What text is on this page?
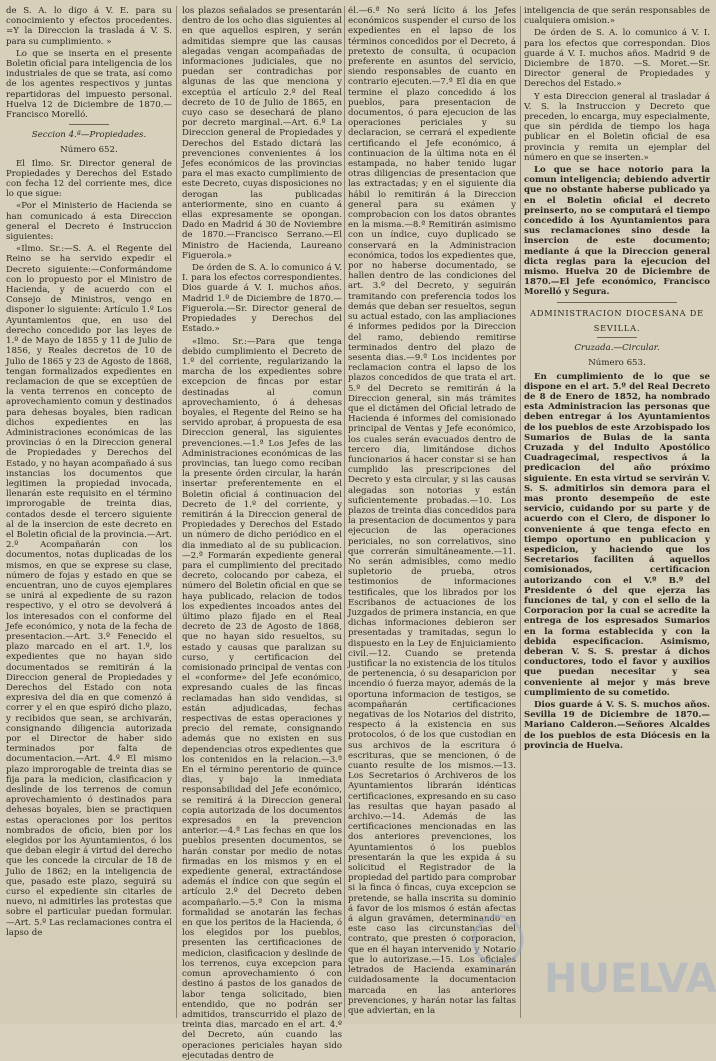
de S. A. lo digo á V. E. para su conocimiento y efectos procedentes. =Y la Direccion la traslada á V. S. para su cumplimiento. »

Lo que se inserta en el presente Boletin oficial para inteligencia de los industriales de que se trata, así como de los agentes respectivos y juntas repartidoras del impuesto personal. Huelva 12 de Diciembre de 1870.—Francisco Morelló.

Seccion 4.ª—Propiedades.

Número 652.

El Ilmo. Sr. Director general de Propiedades y Derechos del Estado con fecha 12 del corriente mes, dice lo que sigue:

«Por el Ministerio de Hacienda se han comunicado á esta Direccion general el Decreto é Instruccion siguientes:

«Ilmo. Sr.:—S. A. el Regente del Reino se ha servido expedir el Decreto siguiente:—Conformándome con lo propuesto por el Ministro de Hacienda, y de acuerdo con el Consejo de Ministros, vengo en disponer lo siguiente: Artículo 1.º Los Ayuntamientos que, en uso del derecho concedido por las leyes de 1.º de Mayo de 1855 y 11 de Julio de 1856, y Reales decretos de 10 de Julio de 1865 y 23 de Agosto de 1868, tengan formalizados expedientes en reclamacion de que se exceptúen de la venta terrenos en concepto de aprovechamiento comun y destinados para dehesas boyales, bien radican dichos expedientes en las Administraciones económicas de las provincias ó en la Direccion general de Propiedades y Derechos del Estado, y no hayan acompañado á sus instancias los documentos que legitimen la propiedad invocada, llenarán este requisito en el término improrogable de treinta dias, contados desde el tercero siguiente al de la insercion de este decreto en el Boletin oficial de la provincia.—Art. 2.º Acompañarán con los documentos, notas duplicadas de los mismos, en que se exprese su clase, número de fojas y estado en que se encuentran, uno de cuyos ejemplares se unirá al expediente de su razon respectivo, y el otro se devolverá á los interesados con el conforme del Jefe económico, y nota de la fecha de presentacion.—Art. 3.º Fenecido el plazo marcado en el art. 1.º, los expedientes que no hayan sido documentados se remitirán á la Direccion general de Propiedades y Derechos del Estado con nota expresiva del dia en que comenzó á correr y el en que espiró dicho plazo, y recibidos que sean, se archivarán, consignando diligencia autorizada por el Director de haber sido terminados por falta de documentacion.—Art. 4.º El mismo plazo improrogable de treinta dias se fija para la medicion, clasificacion y deslinde de los terrenos de comun aprovechamiento ó destinados para dehesas boyales, bien se practiquen estas operaciones por los peritos nombrados de oficio, bien por los elegidos por los Ayuntamientos, ó los que deban elegir á virtud del derecho que les concede la circular de 18 de Julio de 1862; en la inteligencia de que, pasado este plazo, seguirá su curso el expediente sin citarles de nuevo, ni admitirles las protestas que sobre el particular puedan formular.—Art. 5.º Las reclamaciones contra el lapso de

los plazos señalados se presentarán dentro de los ocho dias siguientes al en que aquellos espiren, y serán admitidas siempre que las causas alegadas vengan acompañadas de informaciones judiciales, que no puedan ser contradichas por algunas de las que menciona y exceptúa el artículo 2.º del Real decreto de 10 de Julio de 1865, en cuyo caso se desechará de plano por decreto marginal.—Art. 6.º La Direccion general de Propiedades y Derechos del Estado dictará las prevenciones convenientes á los Jefes económicos de las provincias para el mas exacto cumplimiento de este Decreto, cuyas disposiciones no derogan las publicadas anteriormente, sino en cuanto á ellas expresamente se opongan. Dado en Madrid á 30 de Noviembre de 1870.—Francisco Serrano.—El Ministro de Hacienda, Laureano Figuerola.»

De órden de S. A. lo comunico á V. I. para los efectos correspondientes. Dios guarde á V. I. muchos años. Madrid 1.º de Diciembre de 1870.—Figuerola.—Sr. Director general de Propiedades y Derechos del Estado.»

«Ilmo. Sr.:—Para que tenga debido cumplimiento el Decreto de 1.º del corriente, regularizando la marcha de los expedientes sobre excepcion de fincas por estar destinadas al comun aprovechamiento, ó á dehesas boyales, el Regente del Reino se ha servido aprobar, á propuesta de esa Direccion general, las siguientes prevenciones.—1.ª Los Jefes de las Administraciones económicas de las provincias, tan luego como reciban la presente órden circular, la harán insertar preferentemente en el Boletin oficial á continuacion del Decreto de 1.º del corriente, y remitirán á la Direccion general de Propiedades y Derechos del Estado un número de dicho periódico en el dia inmediato al de su publicacion.—2.ª Formarán expediente general para el cumplimiento del precitado decreto, colocando por cabeza, el número del Boletin oficial en que se haya publicado, relacion de todos los expedientes incoados antes del último plazo fijado en el Real decreto de 23 de Agosto de 1868, que no hayan sido resueltos, su estado y causas que paralizan su curso, y certificacion del comisionado principal de ventas con el «conforme» del Jefe económico, expresando cuales de las fincas reclamadas han sido vendidas, si están adjudicadas, fechas respectivas de estas operaciones y precio del remate, consignando además que no existen en sus dependencias otros expedientes que los contenidos en la relacion.—3.ª En el término perentorio de quince dias, y bajo la inmediata responsabilidad del Jefe económico, se remitirá á la Direccion general copia autorizada de los documentos expresados en la prevencion anterior.—4.ª Las fechas en que los pueblos presenten documentos, se harán constar por medio de notas firmadas en los mismos y en el expediente general, extractándose además el índice con que según el artículo 2.º del Decreto deben acompañarlo.—5.ª Con la misma formalidad se anotarán las fechas en que los peritos de la Hacienda, ó los elegidos por los pueblos, presenten las certificaciones de medicion, clasificacion y deslinde de los terrenos, cuya excepcion para comun aprovechamiento ó con destino á pastos de los ganados de labor tenga solicitado, bien entendido, que no podrán ser admitidos, transcurrido el plazo de treinta dias, marcado en el art. 4.º del Decreto, aún cuando las operaciones periciales hayan sido ejecutadas dentro de

él.—6.ª No será lícito á los Jefes económicos suspender el curso de los expedientes en el lapso de los términos concedidos por el Decreto, á pretexto de consulta, ú ocupacion preferente en asuntos del servicio, siendo responsables de cuanto en contrario ejecuten.—7.ª El dia en que termine el plazo concedido á los pueblos, para presentacion de documentos, ó para ejecucion de las operaciones periciales y su declaracion, se cerrará el expediente certificando el Jefe económico, á continuacion de la última nota en él estampada, no haber tenido lugar otras diligencias de presentacion que las extractadas; y en el siguiente dia hábil lo remitirán á la Direccion general para su exámen y comprobacion con los datos obrantes en la misma.—8.ª Remitirán asimismo con un índice, cuyo duplicado se conservará en la Administracion económica, todos los expedientes que, por no haberse documentado, se hallen dentro de las condiciones del art. 3.º del Decreto, y seguirán tramitando con preferencia todos los demás que deban ser resueltos, segun su actual estado, con las ampliaciones é informes pedidos por la Direccion del ramo, debiendo remitirse terminados dentro del plazo de sesenta dias.—9.ª Los incidentes por reclamacion contra el lapso de los plazos concedidos de que trata el art. 5.º del Decreto se remitirán á la Direccion general, sin más trámites que el dictámen del Oficial letrado de Hacienda é informes del comisionado principal de Ventas y Jefe económico, los cuales serán evacuados dentro de tercero dia, limitándose dichos funcionarios á hacer constar si se han cumplido las prescripciones del Decreto y esta circular, y si las causas alegadas son notorias y están suficientemente probadas.—10. Los plazos de treinta dias concedidos para la presentacion de documentos y para ejecucion de las operaciones periciales, no son correlativos, sino que correrán simultáneamente.—11. No serán admisibles, como medio supletorio de prueba, otros testimonios de informaciones testificales, que los librados por los Escribanos de actuaciones de los Juzgados de primera instancia, en que dichas informaciones debieron ser presentadas y tramitadas, segun lo dispuesto en la Ley de Enjuiciamiento civil.—12. Cuando se pretenda justificar la no existencia de los títulos de pertenencia, ó su desaparicion por incendio ó fuerza mayor, además de la oportuna informacion de testigos, se acompañarán certificaciones negativas de los Notarios del distrito, respecto á la existencia en sus protocolos, ó de los que custodian en sus archivos de la escritura ó escrituras, que se mencionen, ó de cuanto resulte de los mismos.—13. Los Secretarios ó Archiveros de los Ayuntamientos librarán idénticas certificaciones, expresando en su caso las resultas que hayan pasado al archivo.—14. Además de las certificaciones mencionadas en las dos anteriores prevenciones, los Ayuntamientos ó los pueblos presentarán la que les expida á su solicitud el Registrador de la propiedad del partido para comprobar si la finca ó fincas, cuya excepcion se pretende, se halla inscrita su dominio á favor de los mismos ó están afectas á algun gravámen, determinando en este caso las circunstancias del contrato, que presten ó corporacion, que en él hayan intervenido y Notario que lo autorizase.—15. Los oficiales letrados de Hacienda examinarán cuidadosamente la documentacion marcada en las anteriores prevenciones, y harán notar las faltas que adviertan, en la

inteligencia de que serán responsables de cualquiera omision.»

De órden de S. A. lo comunico á V. I. para los efectos que correspondan. Dios guarde á V. I. muchos años. Madrid 9 de Diciembre de 1870. —S. Moret.—Sr. Director general de Propiedades y Derechos del Estado.»

Y esta Direccion general al trasladar á V. S. la Instruccion y Decreto que preceden, lo encarga, muy especialmente, que sin pérdida de tiempo los haga publicar en el Boletin oficial de esa provincia y remita un ejemplar del número en que se inserten.»

Lo que se hace notorio para la comun inteligencia; debiendo advertir que no obstante haberse publicado ya en el Boletin oficial el decreto preinserto, no se computará el tiempo concedido á los Ayuntamientos para sus reclamaciones sino desde la insercion de este documento; mediante á que la Direccion general dicta reglas para la ejecucion del mismo. Huelva 20 de Diciembre de 1870.—El Jefe económico, Francisco Morelló y Segura.

ADMINISTRACION DIOCESANA DE

SEVILLA.

Cruzada.—Circular.

Número 653.

En cumplimiento de lo que se dispone en el art. 5.º del Real Decreto de 8 de Enero de 1852, ha nombrado esta Administracion las personas que deben entregar á los Ayuntamientos de los pueblos de este Arzobispado los Sumarios de Bulas de la santa Cruzada y del Indulto Apostólico Cuadragecimal, respectivos á la predicacion del año próximo siguiente. En esta virtud se servirán V. S. S. admitirlos sin demora para el mas pronto desempeño de este servicio, cuidando por su parte y de acuerdo con el Clero, de disponer lo conveniente á que tenga efecto en tiempo oportuno en publicacion y espedicion, y haciendo que los Secretarios faciliten á aquellos comisionados, certificacion autorizando con el V.º B.º del Presidente ó del que ejerza las funciones de tal, y con el sello de la Corporacion por la cual se acredite la entrega de los espresados Sumarios en la forma establecida y con la debida especificacion. Asimismo, deberan V. S. S. prestar á dichos conductores, todo el favor y auxilios que puedan necesitar y sea conveniente al mejor y más breve cumplimiento de su cometido.

Dios guarde á V. S. S. muchos años. Sevilla 19 de Diciembre de 1870.—Mariano Calderon.—Señores Alcaldes de los pueblos de esta Diócesis en la provincia de Huelva.

HUELVA
